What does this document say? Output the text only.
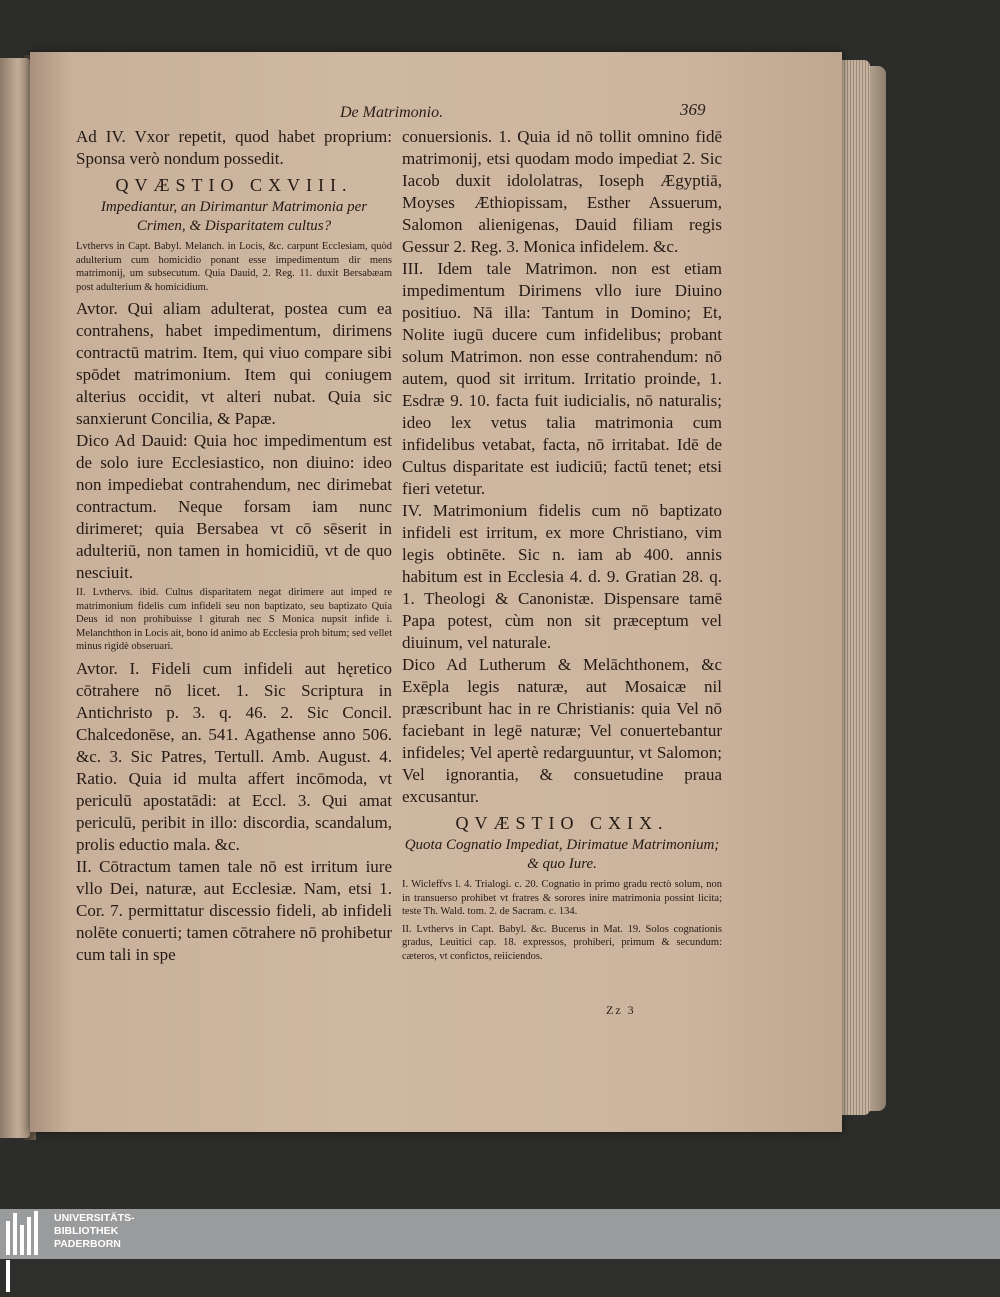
De Matrimonio.	369

Ad IV. Vxor repetit, quod habet proprium: Sponsa verò nondum possedit.

QVÆSTIO CXVIII.

Impediantur, an Dirimantur Matrimonia per Crimen, & Disparitatem cultus?

Lvthervs in Capt. Babyl. Melanch. in Locis, &c. carpunt Ecclesiam, quòd adulterium cum homicidio ponant esse impedimentum dir mens matrimonij, um subsecutum. Quia Dauid, 2. Reg. 11. duxit Bersabæam post adulterium & homicidium.

Avtor. Qui aliam adulterat, postea cum ea contrahens, habet impedimentum, dirimens contractū matrim. Item, qui viuo compare sibi spōdet matrimonium. Item qui coniugem alterius occidit, vt alteri nubat. Quia sic sanxierunt Concilia, & Papæ.

Dico Ad Dauid: Quia hoc impedimentum est de solo iure Ecclesiastico, non diuino: ideo non impediebat contrahendum, nec dirimebat contractum. Neque forsam iam nunc dirimeret; quia Bersabea vt cō sēserit in adulteriū, non tamen in homicidiū, vt de quo nesciuit.

II. Lvthervs. ibid. Cultus disparitatem negat dirimere aut imped re matrimonium fidelis cum infideli seu non baptizato, seu baptizato Quia Deus id non prohibuisse l giturah nec S Monica nupsit infide i. Melanchthon in Locis ait, bono id animo ab Ecclesia proh bitum; sed vellet minus rigidè obseruari.

Avtor. I. Fideli cum infideli aut hęretico cōtrahere nō licet. 1. Sic Scriptura in Antichristo p. 3. q. 46. 2. Sic Concil. Chalcedonēse, an. 541. Agathense anno 506. &c. 3. Sic Patres, Tertull. Amb. August. 4. Ratio. Quia id multa affert incōmoda, vt periculū apostatādi: at Eccl. 3. Qui amat periculū, peribit in illo: discordia, scandalum, prolis eductio mala. &c.

II. Cōtractum tamen tale nō est irritum iure vllo Dei, naturæ, aut Ecclesiæ. Nam, etsi 1. Cor. 7. permittatur discessio fideli, ab infideli nolēte conuerti; tamen cōtrahere nō prohibetur cum tali in spe

conuersionis. 1. Quia id nō tollit omnino fidē matrimonij, etsi quodam modo impediat 2. Sic Iacob duxit idololatras, Ioseph Ægyptiā, Moyses Æthiopissam, Esther Assuerum, Salomon alienigenas, Dauid filiam regis Gessur 2. Reg. 3. Monica infidelem. &c.

III. Idem tale Matrimon. non est etiam impedimentum Dirimens vllo iure Diuino positiuo. Nā illa: Tantum in Domino; Et, Nolite iugū ducere cum infidelibus; probant solum Matrimon. non esse contrahendum: nō autem, quod sit irritum. Irritatio proinde, 1. Esdræ 9. 10. facta fuit iudicialis, nō naturalis; ideo lex vetus talia matrimonia cum infidelibus vetabat, facta, nō irritabat. Idē de Cultus disparitate est iudiciū; factū tenet; etsi fieri vetetur.

IV. Matrimonium fidelis cum nō baptizato infideli est irritum, ex more Christiano, vim legis obtinēte. Sic n. iam ab 400. annis habitum est in Ecclesia 4. d. 9. Gratian 28. q. 1. Theologi & Canonistæ. Dispensare tamē Papa potest, cùm non sit præceptum vel diuinum, vel naturale.

Dico Ad Lutherum & Melāchthonem, &c Exēpla legis naturæ, aut Mosaicæ nil præscribunt hac in re Christianis: quia Vel nō faciebant in legē naturæ; Vel conuertebantur infideles; Vel apertè redarguuntur, vt Salomon; Vel ignorantia, & consuetudine praua excusantur.

QVÆSTIO CXIX.

Quota Cognatio Impediat, Dirimatue Matrimonium; & quo Iure.

I. Wicleffvs l. 4. Trialogi. c. 20. Cognatio in primo gradu rectò solum, non in transuerso prohibet vt fratres & sorores inire matrimonia possint licita; teste Th. Wald. tom. 2. de Sacram. c. 134.

II. Lvthervs in Capt. Babyl. &c. Bucerus in Mat. 19. Solos cognationis gradus, Leuitici cap. 18. expressos, prohiberi, primum & secundum: cæteros, vt confictos, reiiciendos.

Zz 3
UNIVERSITÄTS-
BIBLIOTHEK
PADERBORN
